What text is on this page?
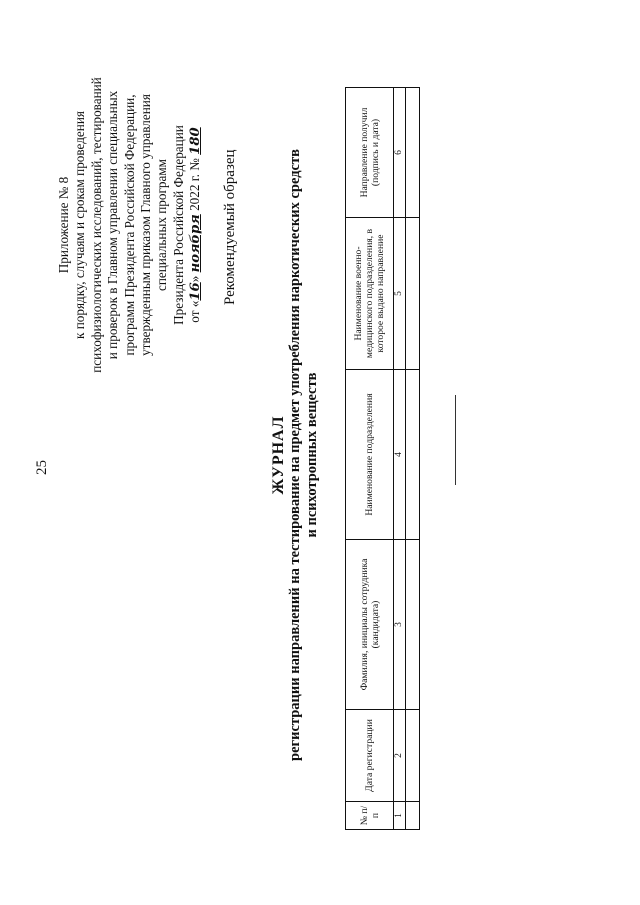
25
Приложение № 8 к порядку, случаям и срокам проведения психофизиологических исследований, тестирований и проверок в Главном управлении специальных программ Президента Российской Федерации, утвержденным приказом Главного управления специальных программ Президента Российской Федерации от «16» ноября 2022 г. № 180
Рекомендуемый образец
ЖУРНАЛ регистрации направлений на тестирование на предмет употребления наркотических средств и психотропных веществ
№ п/п	Дата регистрации	Фамилия, инициалы сотрудника (кандидата)	Наименование подразделения	Наименование военно-медицинского подразделения, в которое выдано направление	Направление получил (подпись и дата)
1	2	3	4	5	6
